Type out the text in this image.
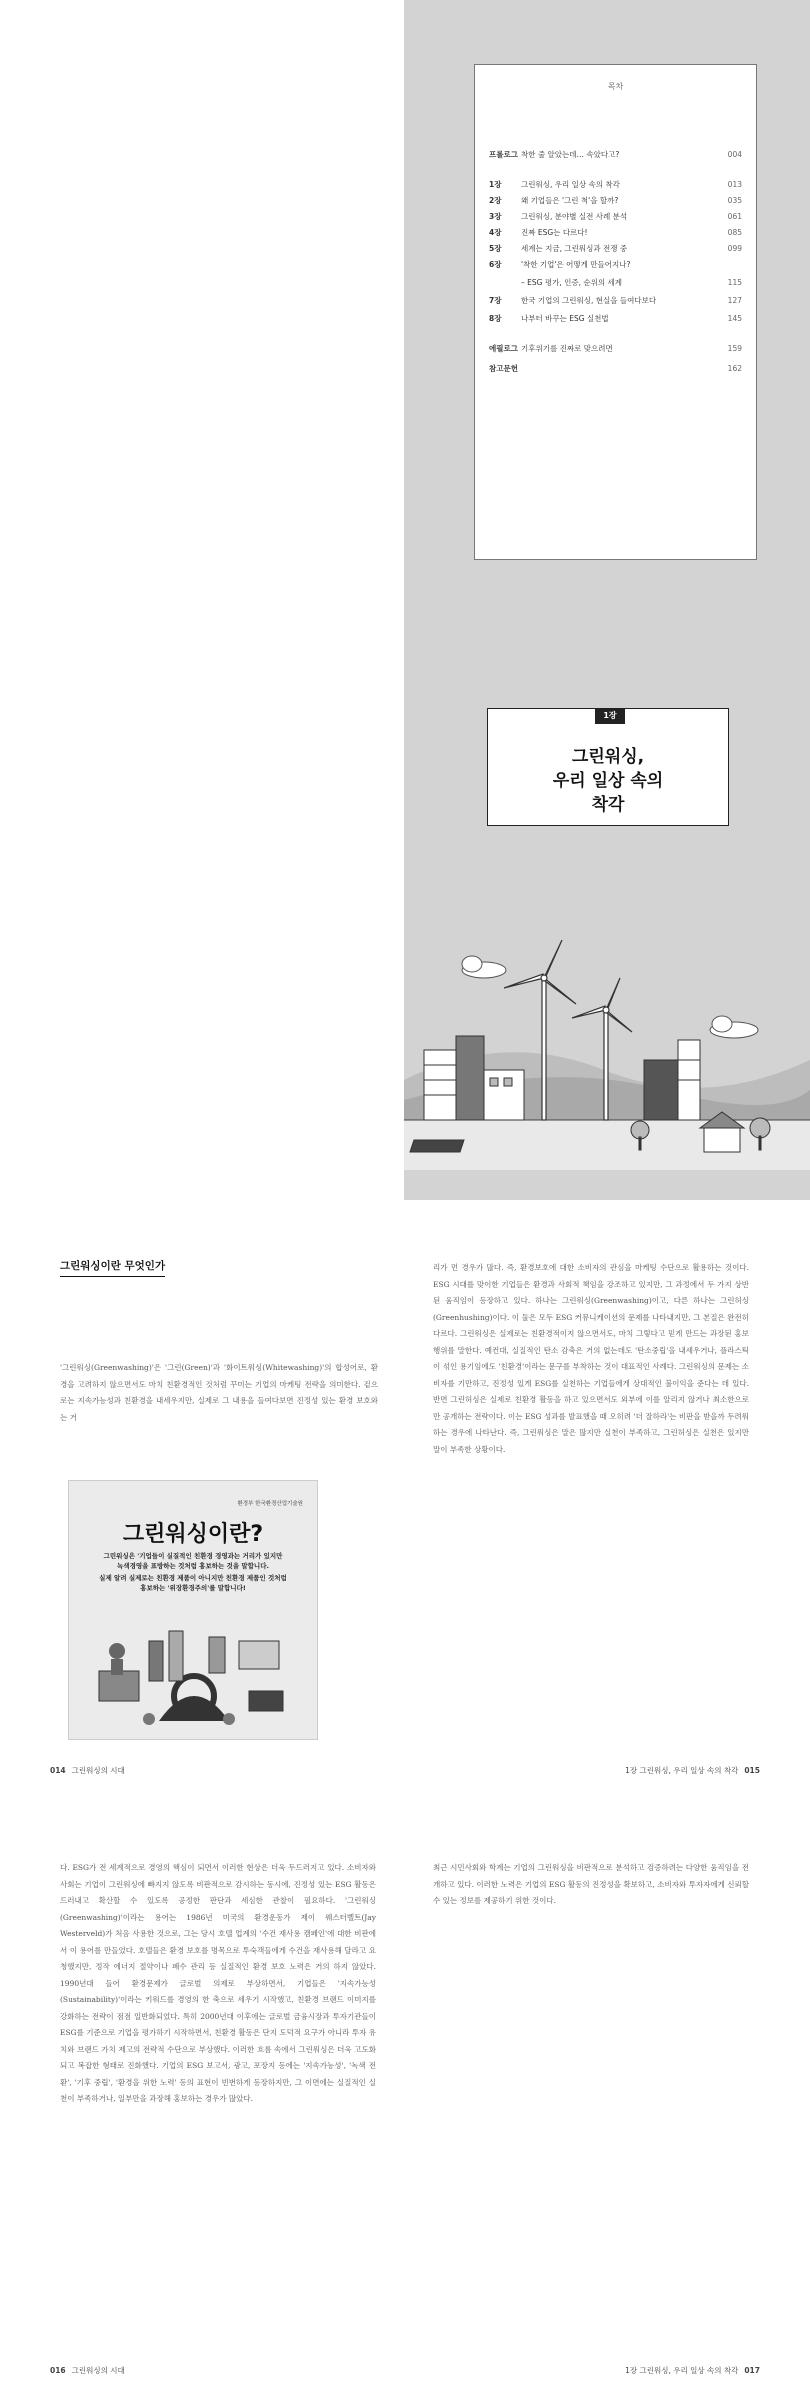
목차
프롤로그 착한 줄 알았는데… 속았다고?	004
1장	그린워싱, 우리 일상 속의 착각	013
2장	왜 기업들은 '그린 척'을 할까?	035
3장	그린워싱, 분야별 실전 사례 분석	061
4장	진짜 ESG는 다르다!	085
5장	세계는 지금, 그린워싱과 전쟁 중	099
6장	'착한 기업'은 어떻게 만들어지나?
– ESG 평가, 인증, 순위의 세계	115
7장	한국 기업의 그린워싱, 현실을 들여다보다	127
8장	나부터 바꾸는 ESG 실천법	145
에필로그 기후위기를 진짜로 맞으려면	159
참고문헌	162
1장
그린워싱,
우리 일상 속의
착각
그린워싱이란 무엇인가
'그린워싱(Greenwashing)'은 '그린(Green)'과 '화이트워싱(Whitewashing)'의 합성어로, 환경을 고려하지 않으면서도 마치 친환경적인 것처럼 꾸미는 기업의 마케팅 전략을 의미한다. 겉으로는 지속가능성과 친환경을 내세우지만, 실제로 그 내용을 들여다보면 진정성 있는 환경 보호와는 거
환경부 한국환경산업기술원
그린워싱이란?
그린워싱은 '기업들이 실질적인 친환경 경영과는 거리가 있지만
녹색경영을 표방하는 것처럼 홍보하는 것을 말합니다.
실제 알려 실제로는 친환경 제품이 아니지만 친환경 제품인 것처럼
홍보하는 '위장환경주의'를 말합니다!
014 그린워싱의 시대
리가 먼 경우가 많다. 즉, 환경보호에 대한 소비자의 관심을 마케팅 수단으로 활용하는 것이다. ESG 시대를 맞이한 기업들은 환경과 사회적 책임을 강조하고 있지만, 그 과정에서 두 가지 상반된 움직임이 등장하고 있다. 하나는 그린워싱(Greenwashing)이고, 다른 하나는 그린허싱(Greenhushing)이다. 이 둘은 모두 ESG 커뮤니케이션의 문제를 나타내지만, 그 본질은 완전히 다르다. 그린워싱은 실제로는 친환경적이지 않으면서도, 마치 그렇다고 믿게 만드는 과장된 홍보 행위를 말한다. 예컨대, 실질적인 탄소 감축은 거의 없는데도 '탄소중립'을 내세우거나, 플라스틱이 섞인 용기임에도 '친환경'이라는 문구를 부착하는 것이 대표적인 사례다. 그린워싱의 문제는 소비자를 기만하고, 진정성 있게 ESG를 실천하는 기업들에게 상대적인 불이익을 준다는 데 있다. 반면 그린허싱은 실제로 친환경 활동을 하고 있으면서도 외부에 이를 알리지 않거나 최소한으로만 공개하는 전략이다. 이는 ESG 성과를 발표했을 때 오히려 '더 잘하라'는 비판을 받을까 두려워하는 경우에 나타난다. 즉, 그린워싱은 말은 많지만 실천이 부족하고, 그린허싱은 실천은 있지만 말이 부족한 상황이다.
1장 그린워싱, 우리 일상 속의 착각 015
다. ESG가 전 세계적으로 경영의 핵심이 되면서 이러한 현상은 더욱 두드러지고 있다. 소비자와 사회는 기업이 그린워싱에 빠지지 않도록 비판적으로 감시하는 동시에, 진정성 있는 ESG 활동은 드러내고 확산할 수 있도록 공정한 판단과 세심한 관찰이 필요하다. '그린워싱(Greenwashing)'이라는 용어는 1986년 미국의 환경운동가 제이 웨스터벨트(Jay Westerveld)가 처음 사용한 것으로, 그는 당시 호텔 업계의 '수건 재사용 캠페인'에 대한 비판에서 이 용어를 만들었다. 호텔들은 환경 보호를 명목으로 투숙객들에게 수건을 재사용해 달라고 요청했지만, 정작 에너지 절약이나 폐수 관리 등 실질적인 환경 보호 노력은 거의 하지 않았다. 1990년대 들어 환경문제가 글로벌 의제로 부상하면서, 기업들은 '지속가능성(Sustainability)'이라는 키워드를 경영의 한 축으로 세우기 시작했고, 친환경 브랜드 이미지를 강화하는 전략이 점점 일반화되었다. 특히 2000년대 이후에는 글로벌 금융시장과 투자기관들이 ESG를 기준으로 기업을 평가하기 시작하면서, 친환경 활동은 단지 도덕적 요구가 아니라 투자 유치와 브랜드 가치 제고의 전략적 수단으로 부상했다. 이러한 흐름 속에서 그린워싱은 더욱 고도화되고 복잡한 형태로 진화했다. 기업의 ESG 보고서, 광고, 포장지 등에는 '지속가능성', '녹색 전환', '기후 중립', '환경을 위한 노력' 등의 표현이 빈번하게 등장하지만, 그 이면에는 실질적인 실천이 부족하거나, 일부만을 과장해 홍보하는 경우가 많았다.
016 그린워싱의 시대
최근 시민사회와 학계는 기업의 그린워싱을 비판적으로 분석하고 검증하려는 다양한 움직임을 전개하고 있다. 이러한 노력은 기업의 ESG 활동의 진정성을 확보하고, 소비자와 투자자에게 신뢰할 수 있는 정보를 제공하기 위한 것이다.
1장 그린워싱, 우리 일상 속의 착각 017
